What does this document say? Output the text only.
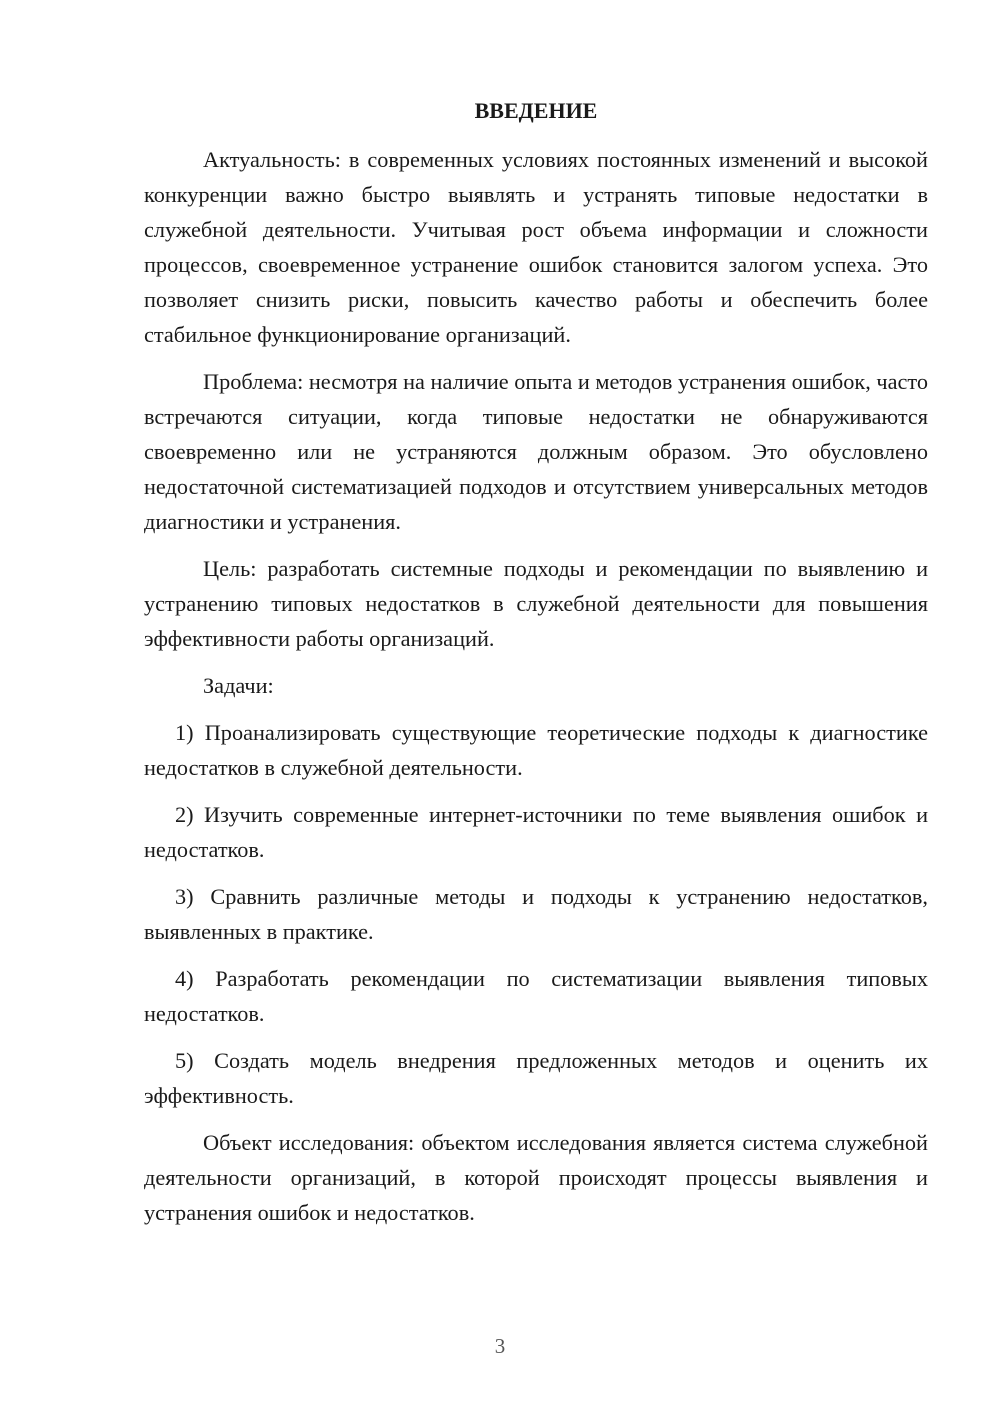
ВВЕДЕНИЕ

Актуальность: в современных условиях постоянных изменений и высокой конкуренции важно быстро выявлять и устранять типовые недостатки в служебной деятельности. Учитывая рост объема информации и сложности процессов, своевременное устранение ошибок становится залогом успеха. Это позволяет снизить риски, повысить качество работы и обеспечить более стабильное функционирование организаций.

Проблема: несмотря на наличие опыта и методов устранения ошибок, часто встречаются ситуации, когда типовые недостатки не обнаруживаются своевременно или не устраняются должным образом. Это обусловлено недостаточной систематизацией подходов и отсутствием универсальных методов диагностики и устранения.

Цель: разработать системные подходы и рекомендации по выявлению и устранению типовых недостатков в служебной деятельности для повышения эффективности работы организаций.

Задачи:

1) Проанализировать существующие теоретические подходы к диагностике недостатков в служебной деятельности.

2) Изучить современные интернет-источники по теме выявления ошибок и недостатков.

3) Сравнить различные методы и подходы к устранению недостатков, выявленных в практике.

4) Разработать рекомендации по систематизации выявления типовых недостатков.

5) Создать модель внедрения предложенных методов и оценить их эффективность.

Объект исследования: объектом исследования является система служебной деятельности организаций, в которой происходят процессы выявления и устранения ошибок и недостатков.

3
